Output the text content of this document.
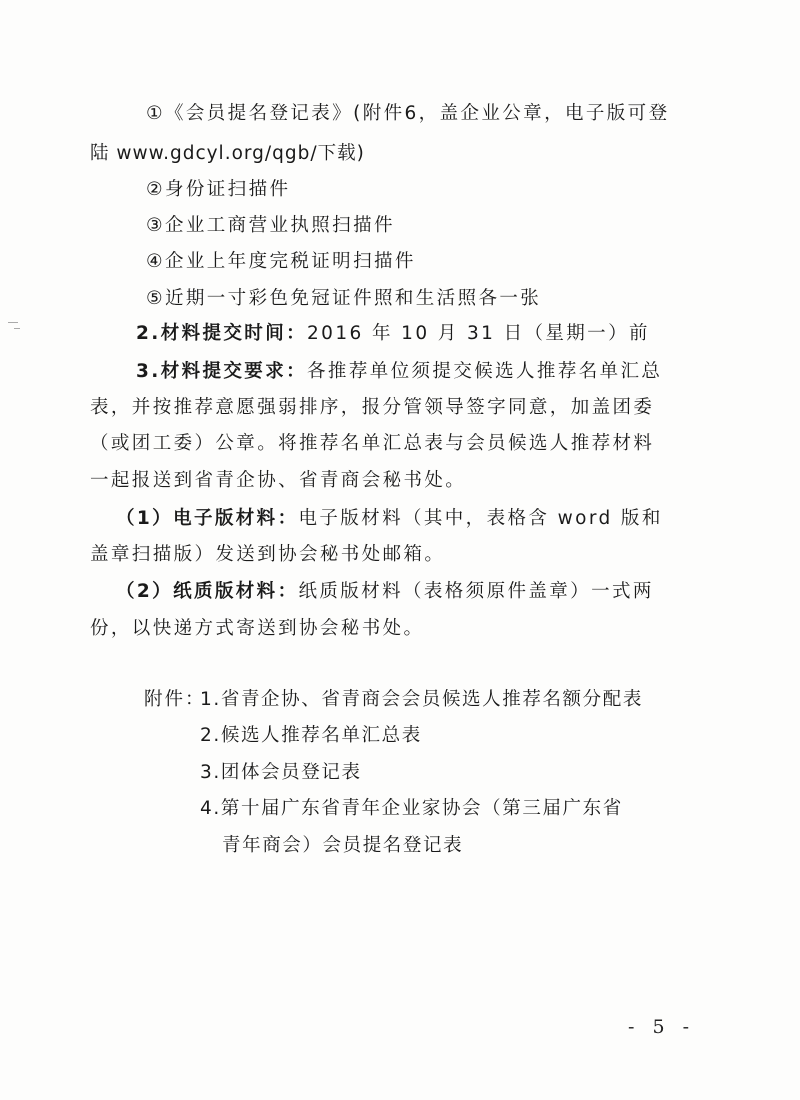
①《会员提名登记表》(附件6，盖企业公章，电子版可登
陆 www.gdcyl.org/qgb/下载)
②身份证扫描件
③企业工商营业执照扫描件
④企业上年度完税证明扫描件
⑤近期一寸彩色免冠证件照和生活照各一张
2.材料提交时间：2016 年 10 月 31 日（星期一）前
3.材料提交要求：各推荐单位须提交候选人推荐名单汇总
表，并按推荐意愿强弱排序，报分管领导签字同意，加盖团委
（或团工委）公章。将推荐名单汇总表与会员候选人推荐材料
一起报送到省青企协、省青商会秘书处。
（1）电子版材料：电子版材料（其中，表格含 word 版和
盖章扫描版）发送到协会秘书处邮箱。
（2）纸质版材料：纸质版材料（表格须原件盖章）一式两
份，以快递方式寄送到协会秘书处。
附件：
1.省青企协、省青商会会员候选人推荐名额分配表
2.候选人推荐名单汇总表
3.团体会员登记表
4.第十届广东省青年企业家协会（第三届广东省
青年商会）会员提名登记表
- 5 -
